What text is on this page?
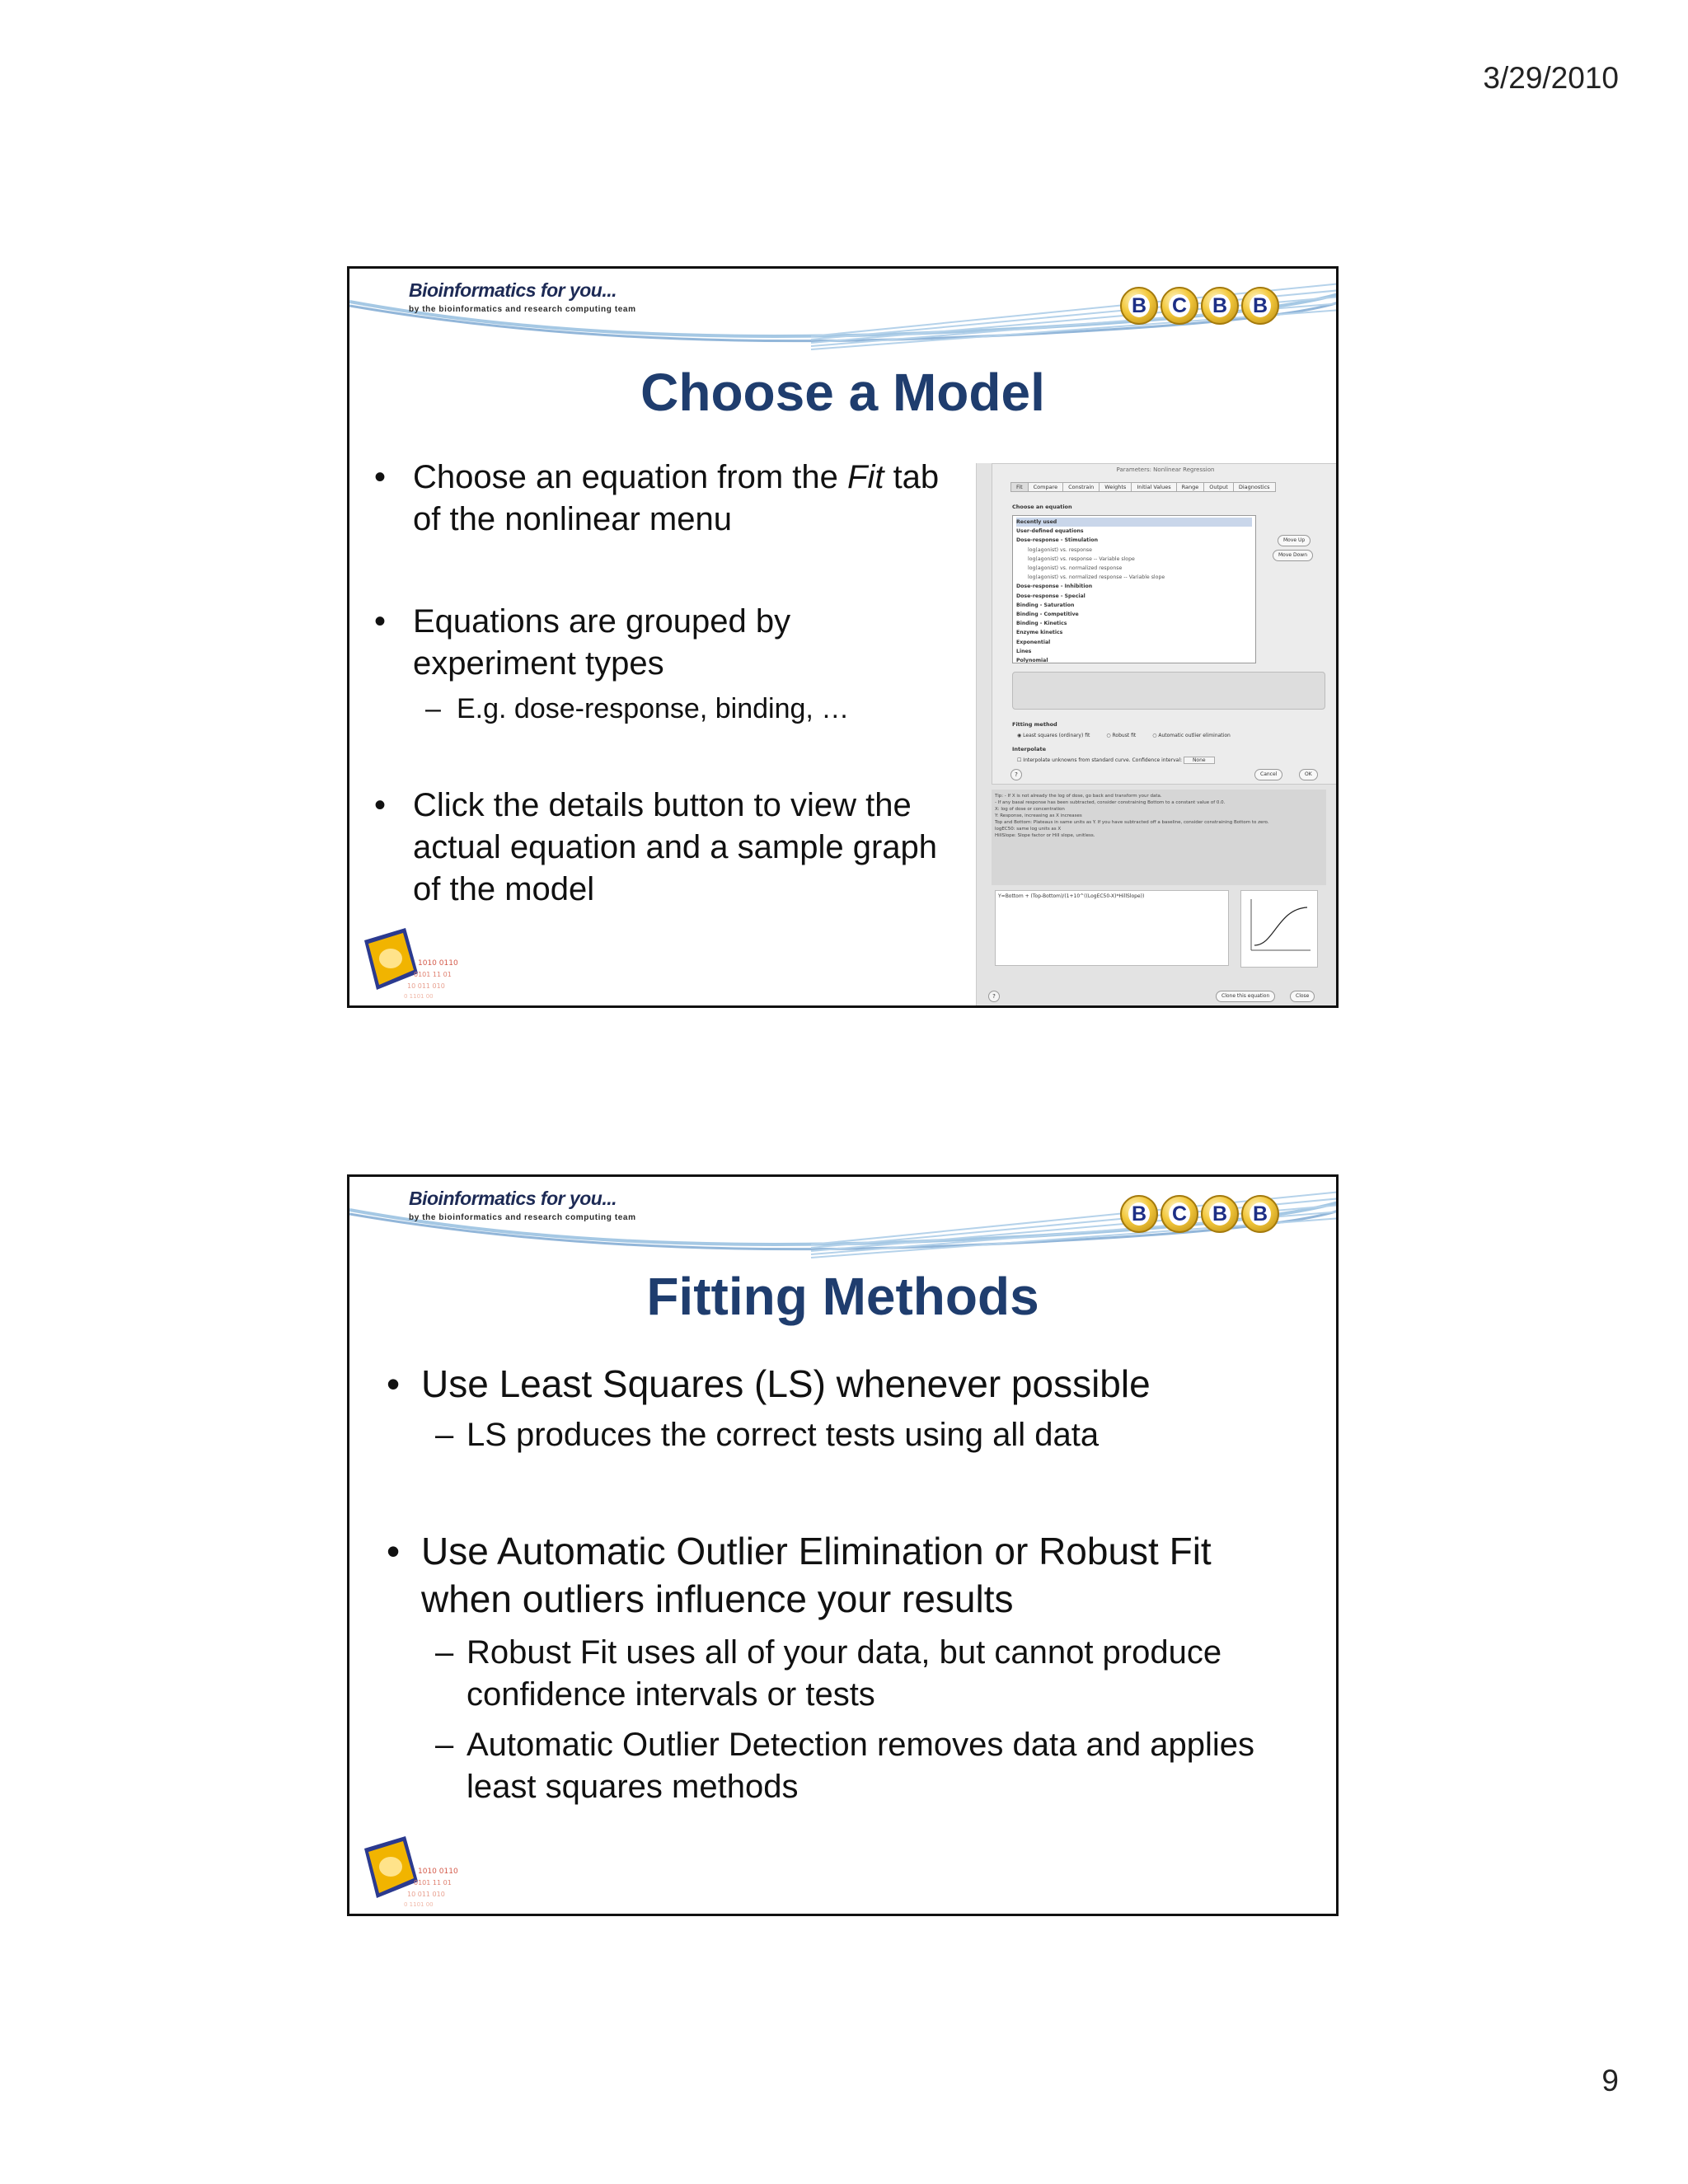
3/29/2010
Bioinformatics for you...
by the bioinformatics and research computing team	B C B B
Choose a Model
• Choose an equation from the Fit tab of the nonlinear menu
• Equations are grouped by experiment types
– E.g. dose-response, binding, …
• Click the details button to view the actual equation and a sample graph of the model
Parameters: Nonlinear Regression
Fit	Compare	Constrain	Weights	Initial Values	Range	Output	Diagnostics
Choose an equation
Recently used
User-defined equations
Dose-response - Stimulation
log(agonist) vs. response
log(agonist) vs. response -- Variable slope
log(agonist) vs. normalized response
log(agonist) vs. normalized response -- Variable slope
Dose-response - Inhibition
Dose-response - Special
Binding - Saturation
Binding - Competitive
Binding - Kinetics
Enzyme kinetics
Exponential
Lines
Polynomial
Move Up
Move Down
Fitting method
◉ Least squares (ordinary) fit	○ Robust fit	○ Automatic outlier elimination
Interpolate
☐ Interpolate unknowns from standard curve. Confidence interval: None
?	Cancel	OK
Tip: - If X is not already the log of dose, go back and transform your data.
- If any basal response has been subtracted, consider constraining Bottom to a constant value of 0.0.
X: log of dose or concentration
Y: Response, increasing as X increases
Top and Bottom: Plateaus in same units as Y. If you have subtracted off a baseline, consider constraining Bottom to zero.
logEC50: same log units as X
HillSlope: Slope factor or Hill slope, unitless.
Y=Bottom + (Top-Bottom)/(1+10^((LogEC50-X)*HillSlope))
?	Clone this equation	Close
1010 0110
0101 11 01
10 011 010
0 1101 00
Bioinformatics for you...
by the bioinformatics and research computing team	B C B B
Fitting Methods
• Use Least Squares (LS) whenever possible
– LS produces the correct tests using all data
• Use Automatic Outlier Elimination or Robust Fit when outliers influence your results
– Robust Fit uses all of your data, but cannot produce confidence intervals or tests
– Automatic Outlier Detection removes data and applies least squares methods
1010 0110
0101 11 01
10 011 010
0 1101 00
9
